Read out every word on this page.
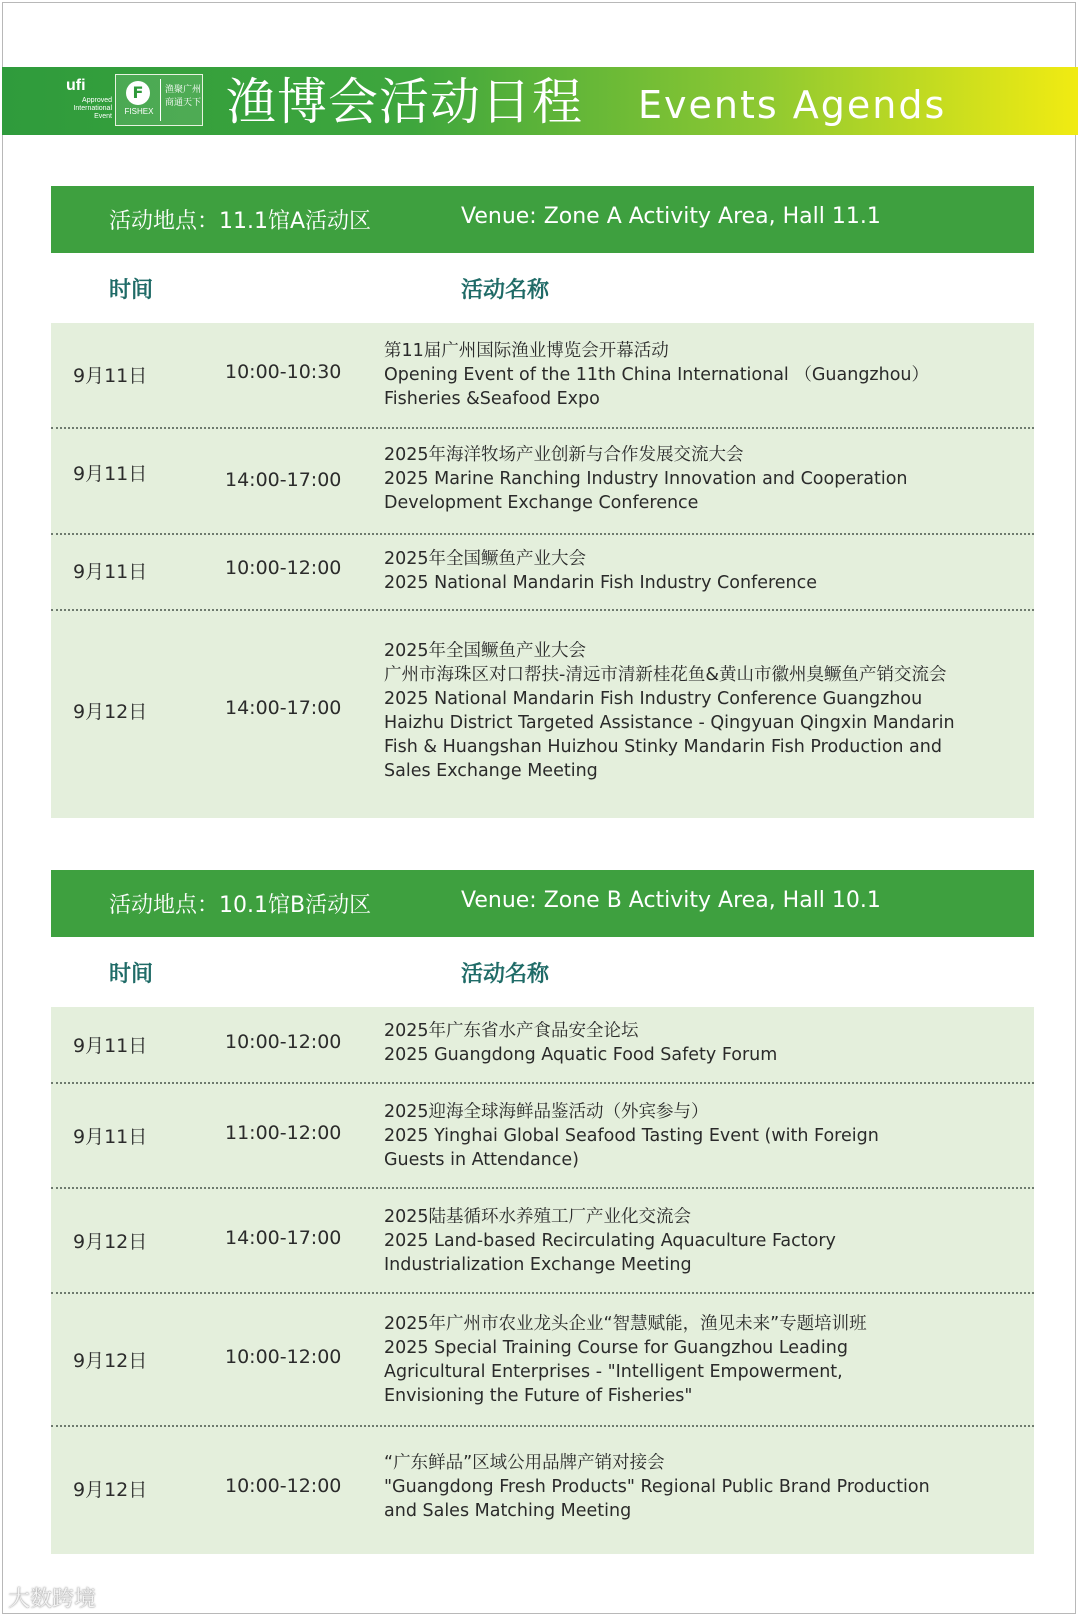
ufi
Approved
International
Event
F
FISHEX
渔聚广州
商通天下 渔博会活动日程 Events Agends
活动地点：11.1馆A活动区	Venue: Zone A Activity Area, Hall 11.1
时间	活动名称
9月11日	10:00-10:30
第11届广州国际渔业博览会开幕活动
Opening Event of the 11th China International （Guangzhou）
Fisheries &Seafood Expo
9月11日	14:00-17:00
2025年海洋牧场产业创新与合作发展交流大会
2025 Marine Ranching Industry Innovation and Cooperation
Development Exchange Conference
9月11日	10:00-12:00 2025年全国鳜鱼产业大会
2025 National Mandarin Fish Industry Conference
9月12日	14:00-17:00
2025年全国鳜鱼产业大会
广州市海珠区对口帮扶-清远市清新桂花鱼&黄山市徽州臭鳜鱼产销交流会
2025 National Mandarin Fish Industry Conference Guangzhou
Haizhu District Targeted Assistance - Qingyuan Qingxin Mandarin
Fish & Huangshan Huizhou Stinky Mandarin Fish Production and
Sales Exchange Meeting
活动地点：10.1馆B活动区	Venue: Zone B Activity Area, Hall 10.1
时间	活动名称
9月11日	10:00-12:00 2025年广东省水产食品安全论坛
2025 Guangdong Aquatic Food Safety Forum
9月11日	11:00-12:00
2025迎海全球海鲜品鉴活动（外宾参与）
2025 Yinghai Global Seafood Tasting Event (with Foreign
Guests in Attendance)
9月12日	14:00-17:00
2025陆基循环水养殖工厂产业化交流会
2025 Land-based Recirculating Aquaculture Factory
Industrialization Exchange Meeting
9月12日	10:00-12:00
2025年广州市农业龙头企业“智慧赋能，渔见未来”专题培训班
2025 Special Training Course for Guangzhou Leading
Agricultural Enterprises - "Intelligent Empowerment,
Envisioning the Future of Fisheries"
9月12日	10:00-12:00
“广东鲜品”区域公用品牌产销对接会
"Guangdong Fresh Products" Regional Public Brand Production
and Sales Matching Meeting
大数跨境
